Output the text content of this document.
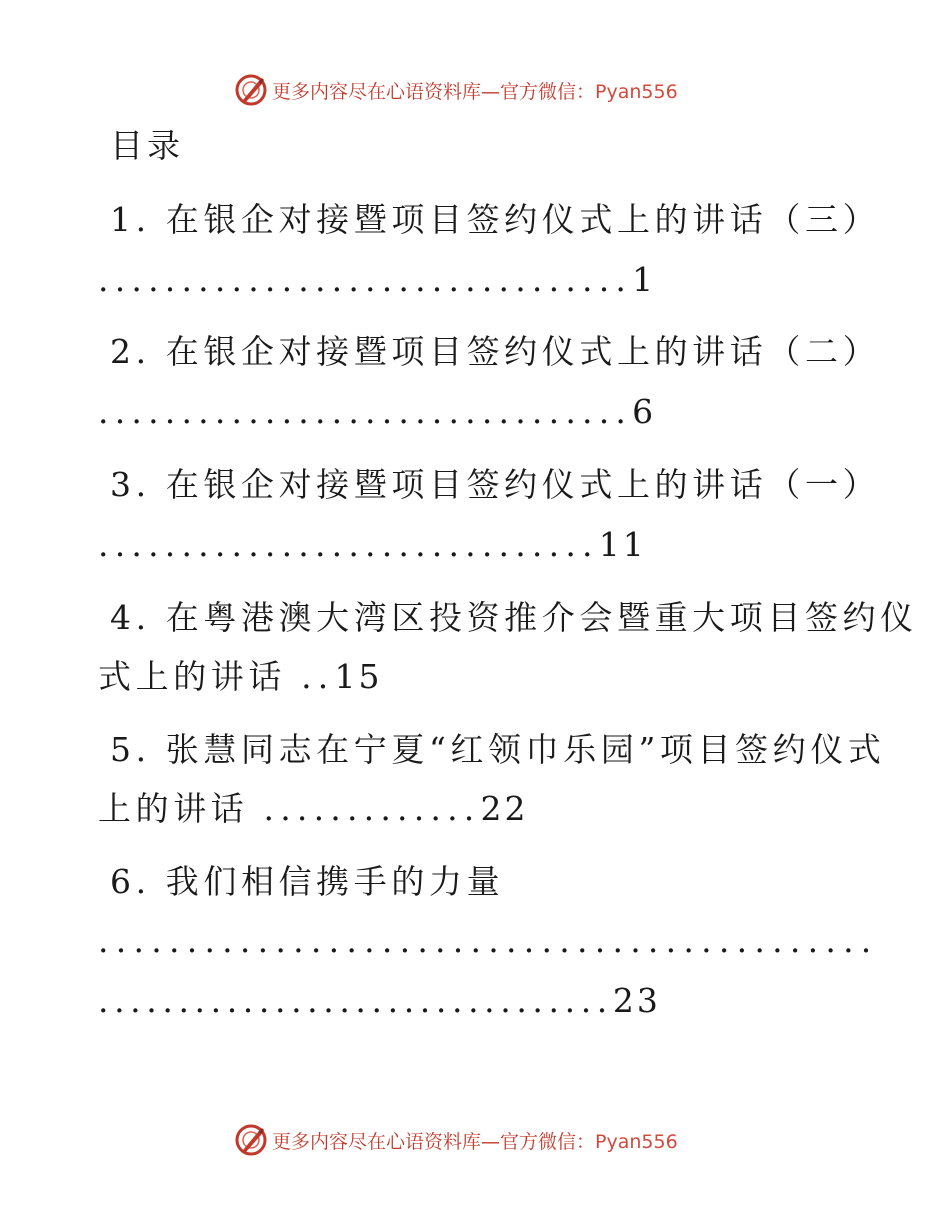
更多内容尽在心语资料库—官方微信：Pyan556
目录
1. 在银企对接暨项目签约仪式上的讲话（三）
................................1
2. 在银企对接暨项目签约仪式上的讲话（二）
................................6
3. 在银企对接暨项目签约仪式上的讲话（一）
..............................11
4. 在粤港澳大湾区投资推介会暨重大项目签约仪
式上的讲话 ..15
5. 张慧同志在宁夏“红领巾乐园”项目签约仪式
上的讲话 .............22
6. 我们相信携手的力量
............................................
................................23
更多内容尽在心语资料库—官方微信：Pyan556
